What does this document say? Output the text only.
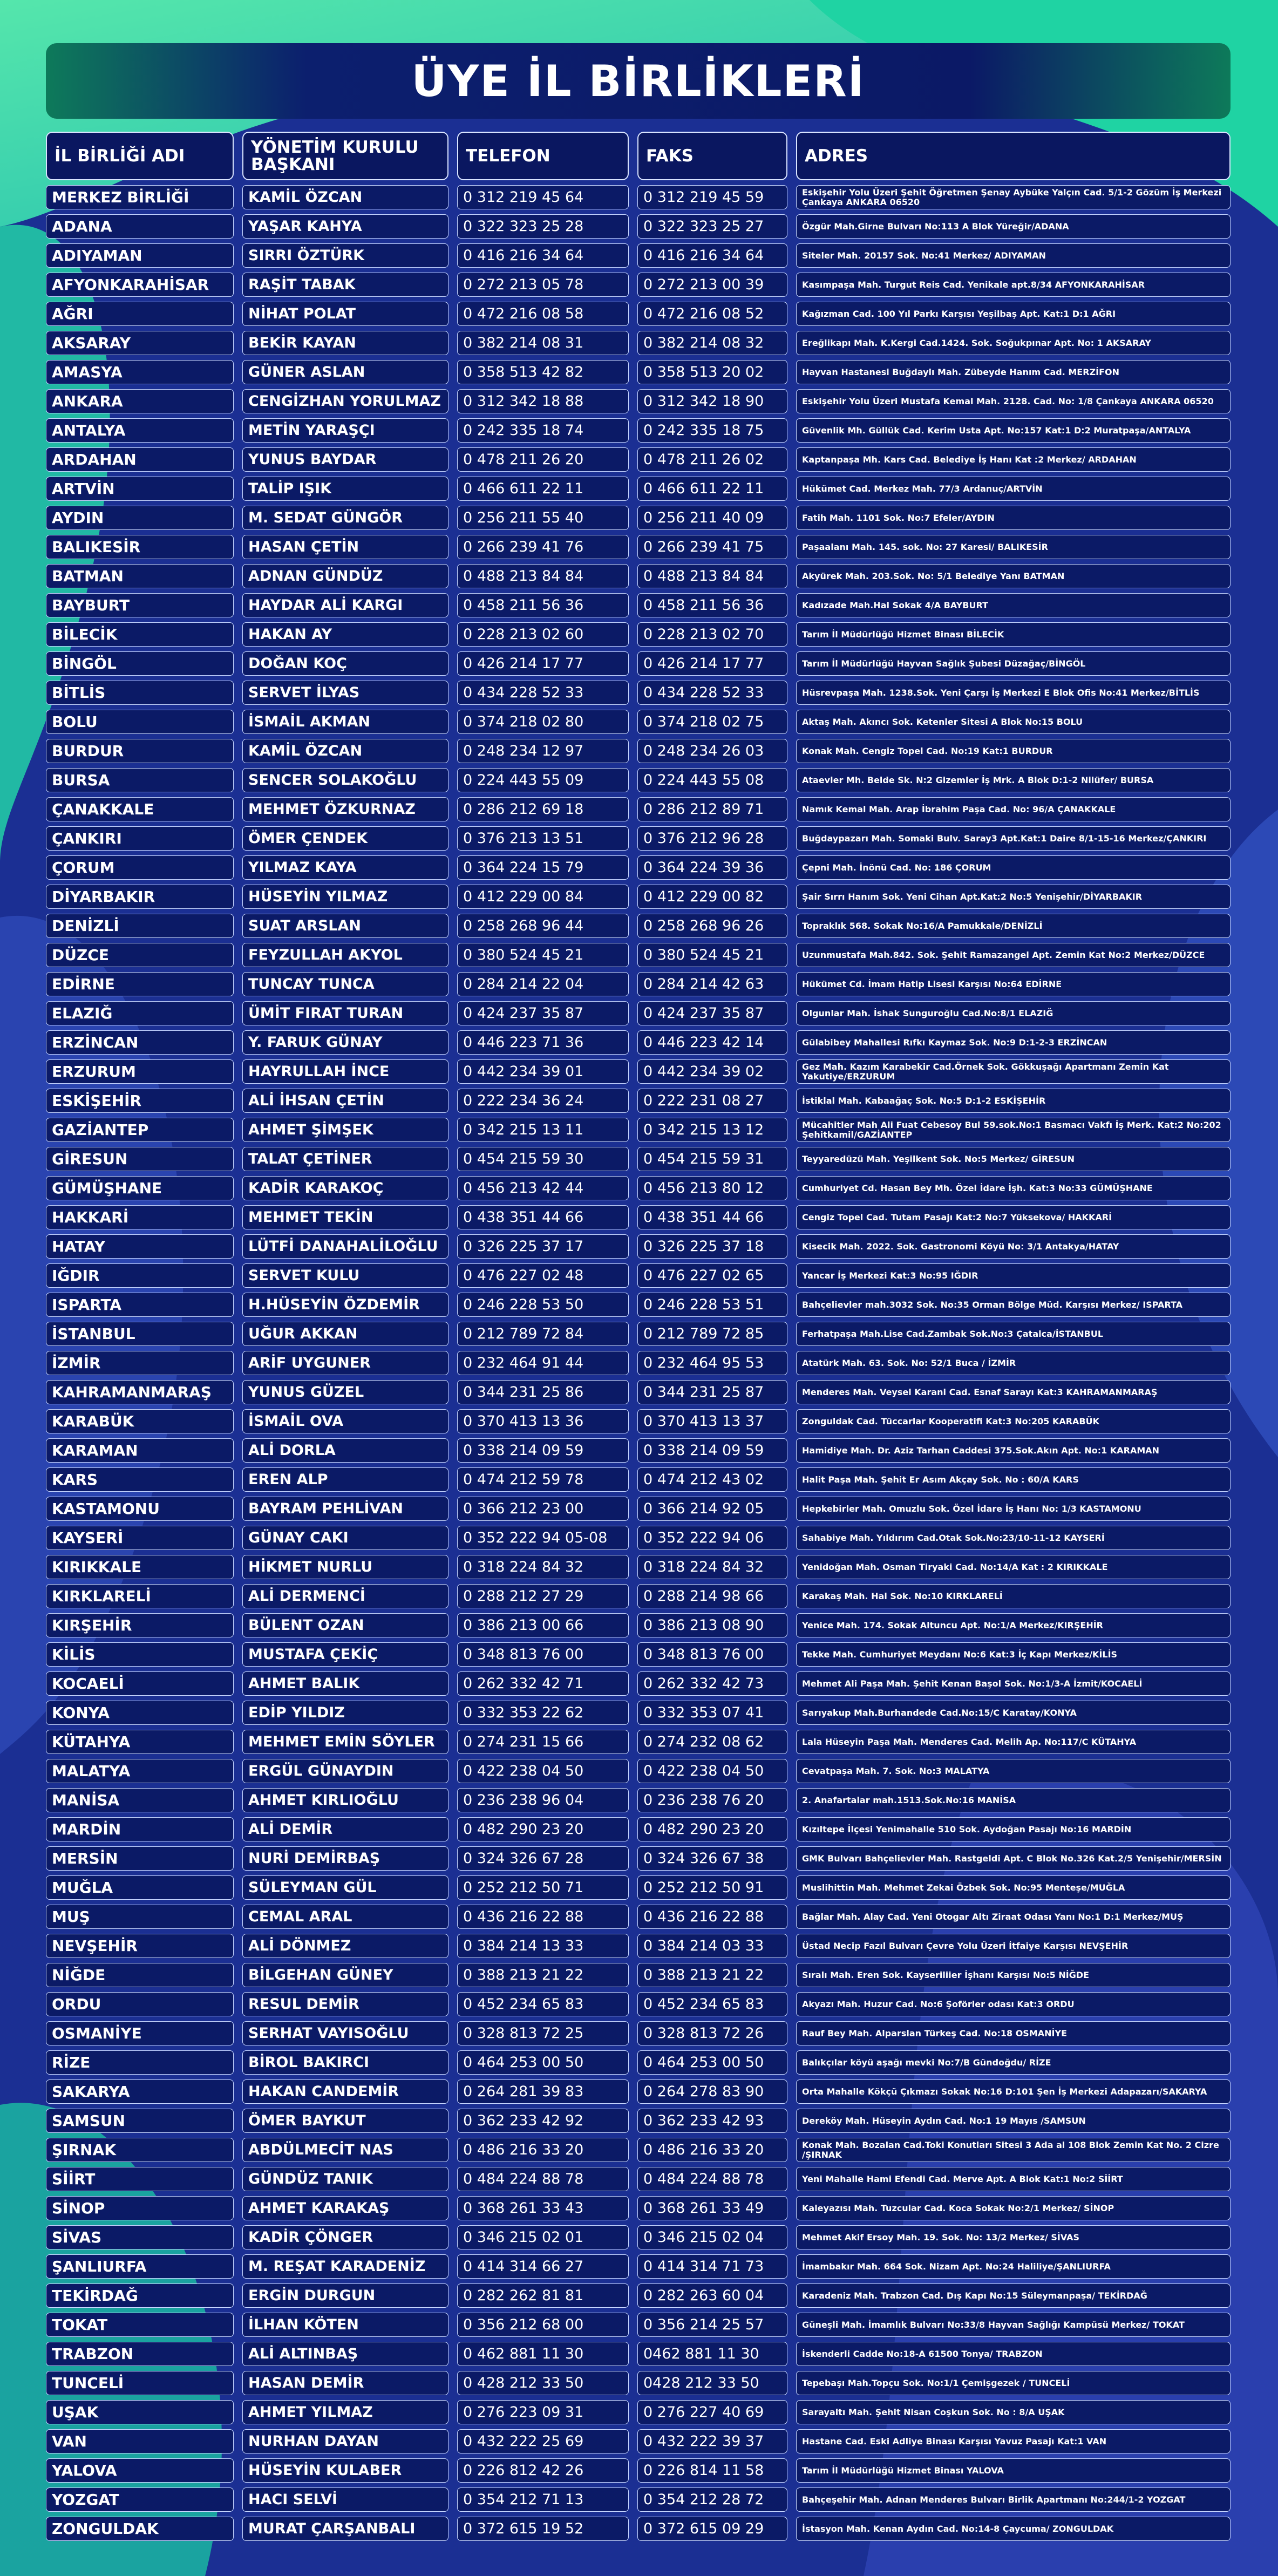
ÜYE İL BİRLİKLERİ
İL BİRLİĞİ ADI	YÖNETİM KURULU BAŞKANI	TELEFON	FAKS	ADRES
MERKEZ BİRLİĞİ	KAMİL ÖZCAN	0 312 219 45 64	0 312 219 45 59	Eskişehir Yolu Üzeri Şehit Öğretmen Şenay Aybüke Yalçın Cad. 5/1-2 Gözüm İş Merkezi Çankaya ANKARA 06520
ADANA	YAŞAR KAHYA	0 322 323 25 28	0 322 323 25 27	Özgür Mah.Girne Bulvarı No:113 A Blok Yüreğir/ADANA
ADIYAMAN	SIRRI ÖZTÜRK	0 416 216 34 64	0 416 216 34 64	Siteler Mah. 20157 Sok. No:41 Merkez/ ADIYAMAN
AFYONKARAHİSAR	RAŞİT TABAK	0 272 213 05 78	0 272 213 00 39	Kasımpaşa Mah. Turgut Reis Cad. Yenikale apt.8/34 AFYONKARAHİSAR
AĞRI	NİHAT POLAT	0 472 216 08 58	0 472 216 08 52	Kağızman Cad. 100 Yıl Parkı Karşısı Yeşilbaş Apt. Kat:1 D:1 AĞRI
AKSARAY	BEKİR KAYAN	0 382 214 08 31	0 382 214 08 32	Ereğlikapı Mah. K.Kergi Cad.1424. Sok. Soğukpınar Apt. No: 1 AKSARAY
AMASYA	GÜNER ASLAN	0 358 513 42 82	0 358 513 20 02	Hayvan Hastanesi Buğdaylı Mah. Zübeyde Hanım Cad. MERZİFON
ANKARA	CENGİZHAN YORULMAZ	0 312 342 18 88	0 312 342 18 90	Eskişehir Yolu Üzeri Mustafa Kemal Mah. 2128. Cad. No: 1/8 Çankaya ANKARA 06520
ANTALYA	METİN YARAŞÇI	0 242 335 18 74	0 242 335 18 75	Güvenlik Mh. Güllük Cad. Kerim Usta Apt. No:157 Kat:1 D:2 Muratpaşa/ANTALYA
ARDAHAN	YUNUS BAYDAR	0 478 211 26 20	0 478 211 26 02	Kaptanpaşa Mh. Kars Cad. Belediye İş Hanı Kat :2 Merkez/ ARDAHAN
ARTVİN	TALİP IŞIK	0 466 611 22 11	0 466 611 22 11	Hükümet Cad. Merkez Mah. 77/3 Ardanuç/ARTVİN
AYDIN	M. SEDAT GÜNGÖR	0 256 211 55 40	0 256 211 40 09	Fatih Mah. 1101 Sok. No:7 Efeler/AYDIN
BALIKESİR	HASAN ÇETİN	0 266 239 41 76	0 266 239 41 75	Paşaalanı Mah. 145. sok. No: 27 Karesi/ BALIKESİR
BATMAN	ADNAN GÜNDÜZ	0 488 213 84 84	0 488 213 84 84	Akyürek Mah. 203.Sok. No: 5/1 Belediye Yanı BATMAN
BAYBURT	HAYDAR ALİ KARGI	0 458 211 56 36	0 458 211 56 36	Kadızade Mah.Hal Sokak 4/A BAYBURT
BİLECİK	HAKAN AY	0 228 213 02 60	0 228 213 02 70	Tarım İl Müdürlüğü Hizmet Binası BİLECİK
BİNGÖL	DOĞAN KOÇ	0 426 214 17 77	0 426 214 17 77	Tarım İl Müdürlüğü Hayvan Sağlık Şubesi Düzağaç/BİNGÖL
BİTLİS	SERVET İLYAS	0 434 228 52 33	0 434 228 52 33	Hüsrevpaşa Mah. 1238.Sok. Yeni Çarşı İş Merkezi E Blok Ofis No:41 Merkez/BİTLİS
BOLU	İSMAİL AKMAN	0 374 218 02 80	0 374 218 02 75	Aktaş Mah. Akıncı Sok. Ketenler Sitesi A Blok No:15 BOLU
BURDUR	KAMİL ÖZCAN	0 248 234 12 97	0 248 234 26 03	Konak Mah. Cengiz Topel Cad. No:19 Kat:1 BURDUR
BURSA	SENCER SOLAKOĞLU	0 224 443 55 09	0 224 443 55 08	Ataevler Mh. Belde Sk. N:2 Gizemler İş Mrk. A Blok D:1-2 Nilüfer/ BURSA
ÇANAKKALE	MEHMET ÖZKURNAZ	0 286 212 69 18	0 286 212 89 71	Namık Kemal Mah. Arap İbrahim Paşa Cad. No: 96/A ÇANAKKALE
ÇANKIRI	ÖMER ÇENDEK	0 376 213 13 51	0 376 212 96 28	Buğdaypazarı Mah. Somaki Bulv. Saray3 Apt.Kat:1 Daire 8/1-15-16 Merkez/ÇANKIRI
ÇORUM	YILMAZ KAYA	0 364 224 15 79	0 364 224 39 36	Çepni Mah. İnönü Cad. No: 186 ÇORUM
DİYARBAKIR	HÜSEYİN YILMAZ	0 412 229 00 84	0 412 229 00 82	Şair Sırrı Hanım Sok. Yeni Cihan Apt.Kat:2 No:5 Yenişehir/DİYARBAKIR
DENİZLİ	SUAT ARSLAN	0 258 268 96 44	0 258 268 96 26	Topraklık 568. Sokak No:16/A Pamukkale/DENİZLİ
DÜZCE	FEYZULLAH AKYOL	0 380 524 45 21	0 380 524 45 21	Uzunmustafa Mah.842. Sok. Şehit Ramazangel Apt. Zemin Kat No:2 Merkez/DÜZCE
EDİRNE	TUNCAY TUNCA	0 284 214 22 04	0 284 214 42 63	Hükümet Cd. İmam Hatip Lisesi Karşısı No:64 EDİRNE
ELAZIĞ	ÜMİT FIRAT TURAN	0 424 237 35 87	0 424 237 35 87	Olgunlar Mah. İshak Sunguroğlu Cad.No:8/1 ELAZIĞ
ERZİNCAN	Y. FARUK GÜNAY	0 446 223 71 36	0 446 223 42 14	Gülabibey Mahallesi Rıfkı Kaymaz Sok. No:9 D:1-2-3 ERZİNCAN
ERZURUM	HAYRULLAH İNCE	0 442 234 39 01	0 442 234 39 02	Gez Mah. Kazım Karabekir Cad.Örnek Sok. Gökkuşağı Apartmanı Zemin Kat Yakutiye/ERZURUM
ESKİŞEHİR	ALİ İHSAN ÇETİN	0 222 234 36 24	0 222 231 08 27	İstiklal Mah. Kabaağaç Sok. No:5 D:1-2 ESKİŞEHİR
GAZİANTEP	AHMET ŞİMŞEK	0 342 215 13 11	0 342 215 13 12	Mücahitler Mah Ali Fuat Cebesoy Bul 59.sok.No:1 Basmacı Vakfı İş Merk. Kat:2 No:202 Şehitkamil/GAZİANTEP
GİRESUN	TALAT ÇETİNER	0 454 215 59 30	0 454 215 59 31	Teyyaredüzü Mah. Yeşilkent Sok. No:5 Merkez/ GİRESUN
GÜMÜŞHANE	KADİR KARAKOÇ	0 456 213 42 44	0 456 213 80 12	Cumhuriyet Cd. Hasan Bey Mh. Özel İdare İşh. Kat:3 No:33 GÜMÜŞHANE
HAKKARİ	MEHMET TEKİN	0 438 351 44 66	0 438 351 44 66	Cengiz Topel Cad. Tutam Pasajı Kat:2 No:7 Yüksekova/ HAKKARİ
HATAY	LÜTFİ DANAHALİLOĞLU	0 326 225 37 17	0 326 225 37 18	Kisecik Mah. 2022. Sok. Gastronomi Köyü No: 3/1 Antakya/HATAY
IĞDIR	SERVET KULU	0 476 227 02 48	0 476 227 02 65	Yancar İş Merkezi Kat:3 No:95 IĞDIR
ISPARTA	H.HÜSEYİN ÖZDEMİR	0 246 228 53 50	0 246 228 53 51	Bahçelievler mah.3032 Sok. No:35 Orman Bölge Müd. Karşısı Merkez/ ISPARTA
İSTANBUL	UĞUR AKKAN	0 212 789 72 84	0 212 789 72 85	Ferhatpaşa Mah.Lise Cad.Zambak Sok.No:3 Çatalca/İSTANBUL
İZMİR	ARİF UYGUNER	0 232 464 91 44	0 232 464 95 53	Atatürk Mah. 63. Sok. No: 52/1 Buca / İZMİR
KAHRAMANMARAŞ	YUNUS GÜZEL	0 344 231 25 86	0 344 231 25 87	Menderes Mah. Veysel Karani Cad. Esnaf Sarayı Kat:3 KAHRAMANMARAŞ
KARABÜK	İSMAİL OVA	0 370 413 13 36	0 370 413 13 37	Zonguldak Cad. Tüccarlar Kooperatifi Kat:3 No:205 KARABÜK
KARAMAN	ALİ DORLA	0 338 214 09 59	0 338 214 09 59	Hamidiye Mah. Dr. Aziz Tarhan Caddesi 375.Sok.Akın Apt. No:1 KARAMAN
KARS	EREN ALP	0 474 212 59 78	0 474 212 43 02	Halit Paşa Mah. Şehit Er Asım Akçay Sok. No : 60/A KARS
KASTAMONU	BAYRAM PEHLİVAN	0 366 212 23 00	0 366 214 92 05	Hepkebirler Mah. Omuzlu Sok. Özel İdare İş Hanı No: 1/3 KASTAMONU
KAYSERİ	GÜNAY CAKI	0 352 222 94 05-08	0 352 222 94 06	Sahabiye Mah. Yıldırım Cad.Otak Sok.No:23/10-11-12 KAYSERİ
KIRIKKALE	HİKMET NURLU	0 318 224 84 32	0 318 224 84 32	Yenidoğan Mah. Osman Tiryaki Cad. No:14/A Kat : 2 KIRIKKALE
KIRKLARELİ	ALİ DERMENCİ	0 288 212 27 29	0 288 214 98 66	Karakaş Mah. Hal Sok. No:10 KIRKLARELİ
KIRŞEHİR	BÜLENT OZAN	0 386 213 00 66	0 386 213 08 90	Yenice Mah. 174. Sokak Altuncu Apt. No:1/A Merkez/KIRŞEHİR
KİLİS	MUSTAFA ÇEKİÇ	0 348 813 76 00	0 348 813 76 00	Tekke Mah. Cumhuriyet Meydanı No:6 Kat:3 İç Kapı Merkez/KİLİS
KOCAELİ	AHMET BALIK	0 262 332 42 71	0 262 332 42 73	Mehmet Ali Paşa Mah. Şehit Kenan Başol Sok. No:1/3-A İzmit/KOCAELİ
KONYA	EDİP YILDIZ	0 332 353 22 62	0 332 353 07 41	Sarıyakup Mah.Burhandede Cad.No:15/C Karatay/KONYA
KÜTAHYA	MEHMET EMİN SÖYLER	0 274 231 15 66	0 274 232 08 62	Lala Hüseyin Paşa Mah. Menderes Cad. Melih Ap. No:117/C KÜTAHYA
MALATYA	ERGÜL GÜNAYDIN	0 422 238 04 50	0 422 238 04 50	Cevatpaşa Mah. 7. Sok. No:3 MALATYA
MANİSA	AHMET KIRLIOĞLU	0 236 238 96 04	0 236 238 76 20	2. Anafartalar mah.1513.Sok.No:16 MANİSA
MARDİN	ALİ DEMİR	0 482 290 23 20	0 482 290 23 20	Kızıltepe İlçesi Yenimahalle 510 Sok. Aydoğan Pasajı No:16 MARDİN
MERSİN	NURİ DEMİRBAŞ	0 324 326 67 28	0 324 326 67 38	GMK Bulvarı Bahçelievler Mah. Rastgeldi Apt. C Blok No.326 Kat.2/5 Yenişehir/MERSİN
MUĞLA	SÜLEYMAN GÜL	0 252 212 50 71	0 252 212 50 91	Muslihittin Mah. Mehmet Zekai Özbek Sok. No:95 Menteşe/MUĞLA
MUŞ	CEMAL ARAL	0 436 216 22 88	0 436 216 22 88	Bağlar Mah. Alay Cad. Yeni Otogar Altı Ziraat Odası Yanı No:1 D:1 Merkez/MUŞ
NEVŞEHİR	ALİ DÖNMEZ	0 384 214 13 33	0 384 214 03 33	Üstad Necip Fazıl Bulvarı Çevre Yolu Üzeri İtfaiye Karşısı NEVŞEHİR
NİĞDE	BİLGEHAN GÜNEY	0 388 213 21 22	0 388 213 21 22	Sıralı Mah. Eren Sok. Kayseriliier İşhanı Karşısı No:5 NİĞDE
ORDU	RESUL DEMİR	0 452 234 65 83	0 452 234 65 83	Akyazı Mah. Huzur Cad. No:6 Şoförler odası Kat:3 ORDU
OSMANİYE	SERHAT VAYISOĞLU	0 328 813 72 25	0 328 813 72 26	Rauf Bey Mah. Alparslan Türkeş Cad. No:18 OSMANİYE
RİZE	BİROL BAKIRCI	0 464 253 00 50	0 464 253 00 50	Balıkçılar köyü aşağı mevki No:7/B Gündoğdu/ RİZE
SAKARYA	HAKAN CANDEMİR	0 264 281 39 83	0 264 278 83 90	Orta Mahalle Kökçü Çıkmazı Sokak No:16 D:101 Şen İş Merkezi Adapazarı/SAKARYA
SAMSUN	ÖMER BAYKUT	0 362 233 42 92	0 362 233 42 93	Dereköy Mah. Hüseyin Aydın Cad. No:1 19 Mayıs /SAMSUN
ŞIRNAK	ABDÜLMECİT NAS	0 486 216 33 20	0 486 216 33 20	Konak Mah. Bozalan Cad.Toki Konutları Sitesi 3 Ada al 108 Blok Zemin Kat No. 2 Cizre /ŞIRNAK
SİİRT	GÜNDÜZ TANIK	0 484 224 88 78	0 484 224 88 78	Yeni Mahalle Hami Efendi Cad. Merve Apt. A Blok Kat:1 No:2 SİİRT
SİNOP	AHMET KARAKAŞ	0 368 261 33 43	0 368 261 33 49	Kaleyazısı Mah. Tuzcular Cad. Koca Sokak No:2/1 Merkez/ SİNOP
SİVAS	KADİR ÇÖNGER	0 346 215 02 01	0 346 215 02 04	Mehmet Akif Ersoy Mah. 19. Sok. No: 13/2 Merkez/ SİVAS
ŞANLIURFA	M. REŞAT KARADENİZ	0 414 314 66 27	0 414 314 71 73	İmambakır Mah. 664 Sok. Nizam Apt. No:24 Haliliye/ŞANLIURFA
TEKİRDAĞ	ERGİN DURGUN	0 282 262 81 81	0 282 263 60 04	Karadeniz Mah. Trabzon Cad. Dış Kapı No:15 Süleymanpaşa/ TEKİRDAĞ
TOKAT	İLHAN KÖTEN	0 356 212 68 00	0 356 214 25 57	Güneşli Mah. İmamlık Bulvarı No:33/8 Hayvan Sağlığı Kampüsü Merkez/ TOKAT
TRABZON	ALİ ALTINBAŞ	0 462 881 11 30	0462 881 11 30	İskenderli Cadde No:18-A 61500 Tonya/ TRABZON
TUNCELİ	HASAN DEMİR	0 428 212 33 50	0428 212 33 50	Tepebaşı Mah.Topçu Sok. No:1/1 Çemişgezek / TUNCELİ
UŞAK	AHMET YILMAZ	0 276 223 09 31	0 276 227 40 69	Sarayaltı Mah. Şehit Nisan Coşkun Sok. No : 8/A UŞAK
VAN	NURHAN DAYAN	0 432 222 25 69	0 432 222 39 37	Hastane Cad. Eski Adliye Binası Karşısı Yavuz Pasajı Kat:1 VAN
YALOVA	HÜSEYİN KULABER	0 226 812 42 26	0 226 814 11 58	Tarım İl Müdürlüğü Hizmet Binası YALOVA
YOZGAT	HACI SELVİ	0 354 212 71 13	0 354 212 28 72	Bahçeşehir Mah. Adnan Menderes Bulvarı Birlik Apartmanı No:244/1-2 YOZGAT
ZONGULDAK	MURAT ÇARŞANBALI	0 372 615 19 52	0 372 615 09 29	İstasyon Mah. Kenan Aydın Cad. No:14-8 Çaycuma/ ZONGULDAK
